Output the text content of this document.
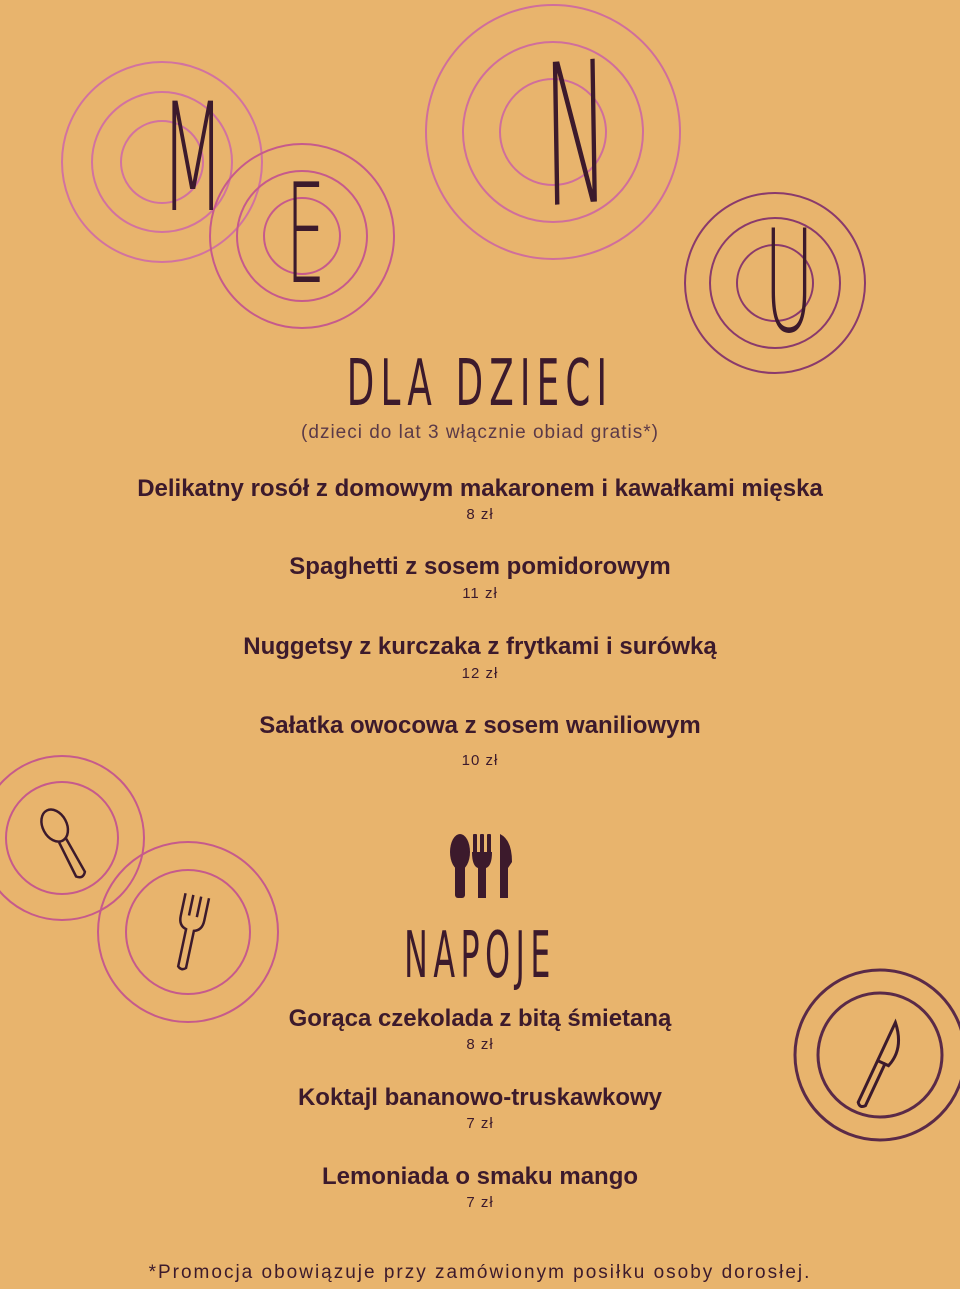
M E N
U
DLA DZIECI
(dzieci do lat 3 włącznie obiad gratis*)
Delikatny rosół z domowym makaronem i kawałkami mięska
8 zł
Spaghetti z sosem pomidorowym
11 zł
Nuggetsy z kurczaka z frytkami i surówką
12 zł
Sałatka owocowa z sosem waniliowym
10 zł
NAPOJE
Gorąca czekolada z bitą śmietaną
8 zł
Koktajl bananowo-truskawkowy
7 zł
Lemoniada o smaku mango
7 zł
*Promocja obowiązuje przy zamówionym posiłku osoby dorosłej.
